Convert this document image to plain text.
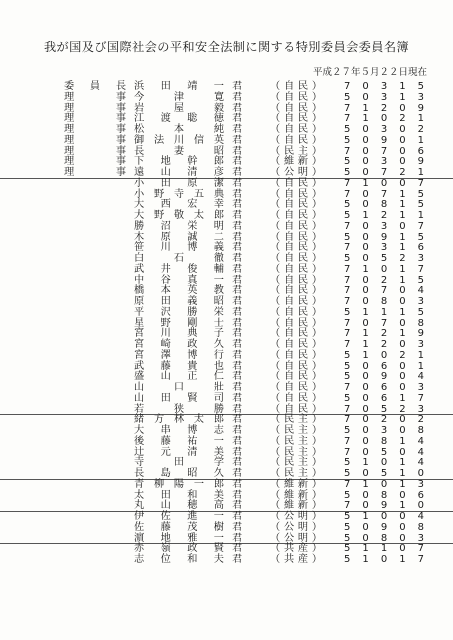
我が国及び国際社会の平和安全法制に関する特別委員会委員名簿
平成２７年５月２２日現在
委 員 長 浜 田 靖 一 君	（ 自 民 ） 7 0 3 1 5
理	事 今	津	寛 君	（ 自 民 ） 5 0 3 1 3
理	事 岩	屋	毅 君	（ 自 民 ） 7 1 2 0 9
理	事 江 渡 聡 徳 君	（ 自 民 ） 7 1 0 2 1
理	事 松	本	純 君	（ 自 民 ） 5 0 3 0 2
理	事 御 法 川 信 英 君	（ 自 民 ） 5 0 9 0 1
理	事 長	妻	昭 君	（ 民 主 ） 7 0 7 0 6
理	事 下 地 幹 郎 君	（ 維 新 ） 5 0 3 0 9
理	事 遠 山 清 彦 君	（ 公 明 ） 5 0 7 2 1
小 田 原 潔 君	（ 自 民 ） 7 1 0 0 7
小 野 寺 五 典 君	（ 自 民 ） 7 0 7 1 5
大 西 宏 幸 君	（ 自 民 ） 5 0 8 1 5
大 野 敬 太 郎 君	（ 自 民 ） 5 1 2 1 1
勝 沼 栄 明 君	（ 自 民 ） 7 0 3 0 7
木 原 誠 二 君	（ 自 民 ） 5 0 9 1 5
笹 川 博 義 君	（ 自 民 ） 7 0 3 1 6
白	石	徹 君	（ 自 民 ） 5 0 5 2 3
武 井 俊 輔 君	（ 自 民 ） 7 1 0 1 7
中 谷 真 一 君	（ 自 民 ） 7 0 2 1 5
橋 本 英 教 君	（ 自 民 ） 7 0 7 0 4
原 田 義 昭 君	（ 自 民 ） 7 0 8 0 3
平 沢 勝 栄 君	（ 自 民 ） 5 1 1 1 5
星 野 剛 士 君	（ 自 民 ） 7 0 7 0 8
宮 川 典 子 君	（ 自 民 ） 7 1 2 1 9
宮 崎 政 久 君	（ 自 民 ） 7 1 2 0 3
宮 澤 博 行 君	（ 自 民 ） 5 1 0 2 1
武 藤 貴 也 君	（ 自 民 ） 5 0 6 0 1
盛 山 正 仁 君	（ 自 民 ） 5 0 9 0 4
山	口	壯 君	（ 自 民 ） 7 0 6 0 3
山 田 賢 司 君	（ 自 民 ） 5 0 6 1 7
若	狭	勝 君	（ 自 民 ） 7 0 5 2 3
緒 方 林 太 郎 君	（ 民 主 ） 7 0 2 0 2
大 串 博 志 君	（ 民 主 ） 5 0 3 0 8
後 藤 祐 一 君	（ 民 主 ） 7 0 8 1 4
辻 元 清 美 君	（ 民 主 ） 7 0 5 0 4
寺	田	学 君	（ 民 主 ） 5 1 0 1 4
長 島 昭 久 君	（ 民 主 ） 5 0 5 1 0
青 柳 陽 一 郎 君	（ 維 新 ） 7 1 0 1 3
太 田 和 美 君	（ 維 新 ） 5 0 8 0 6
丸 山 穂 高 君	（ 維 新 ） 7 0 9 1 0
伊 佐 進 一 君	（ 公 明 ） 5 1 0 0 4
佐 藤 茂 樹 君	（ 公 明 ） 5 0 9 0 8
濵 地 雅 一 君	（ 公 明 ） 5 0 8 0 3
赤 嶺 政 賢 君	（ 共 産 ） 5 1 1 0 7
志 位 和 夫 君	（ 共 産 ） 5 1 0 1 7
